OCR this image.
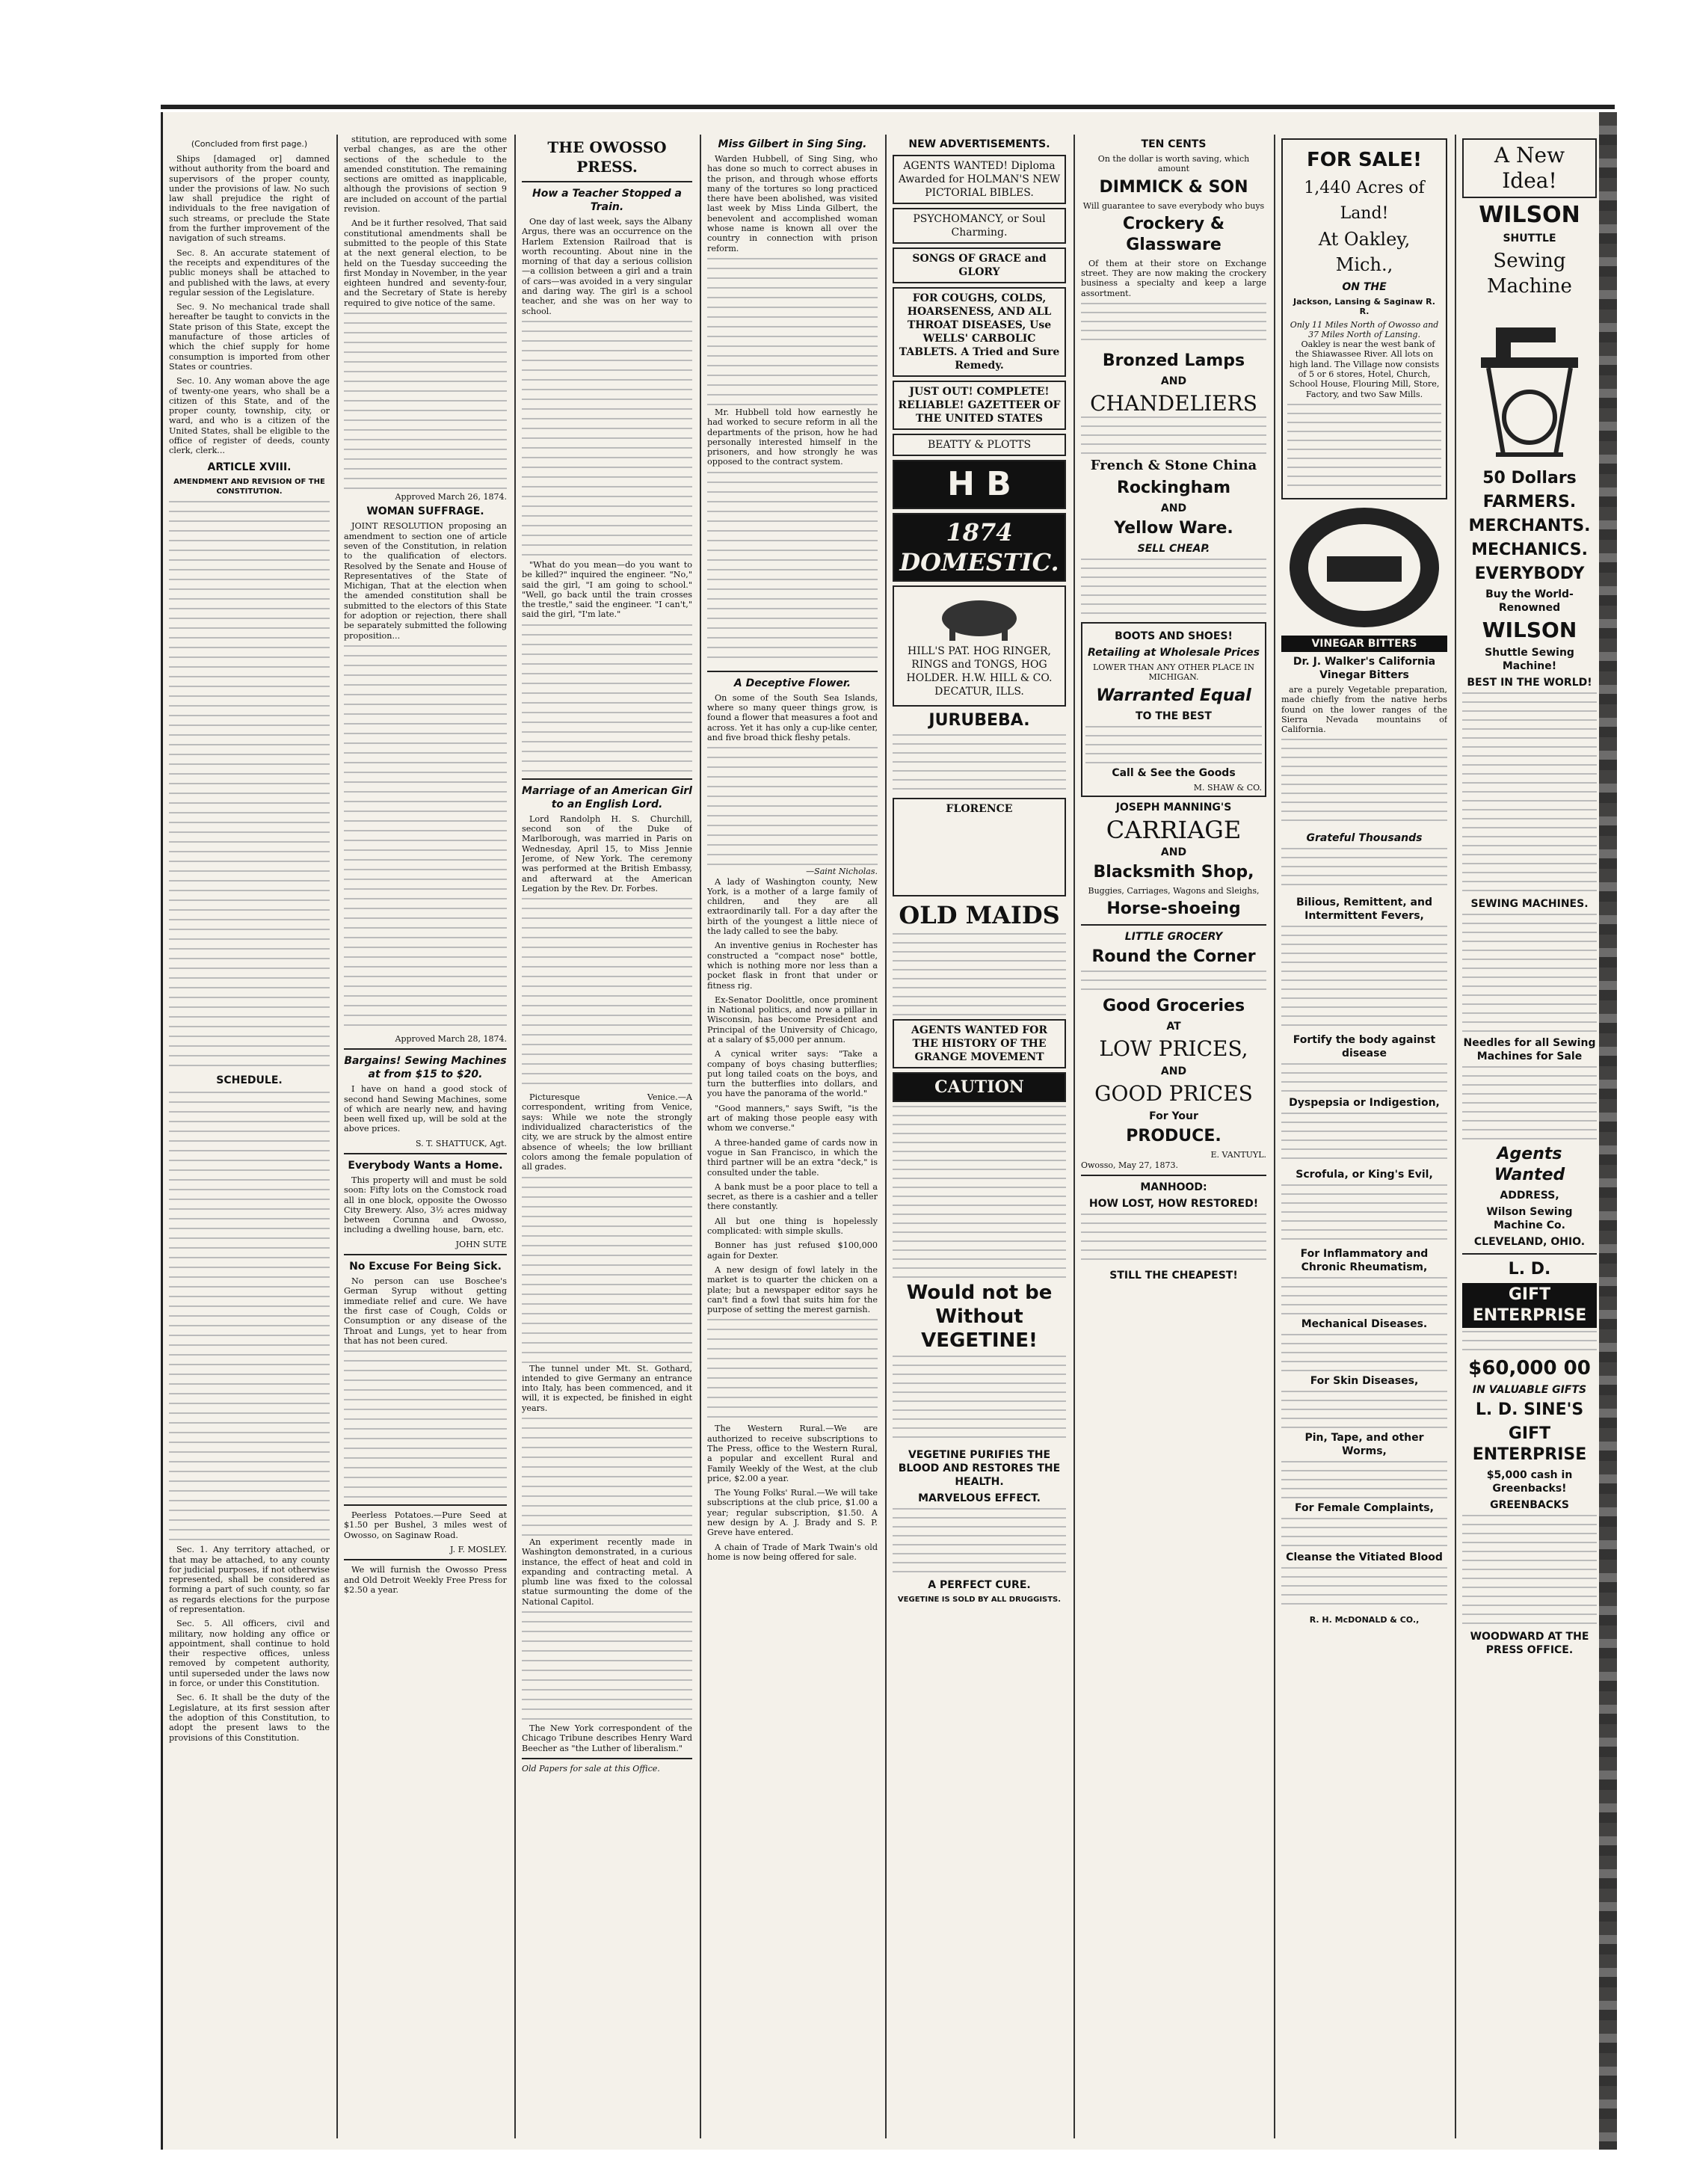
(Concluded from first page.)

Ships [damaged or] damned without authority from the board and supervisors of the proper county, under the provisions of law. No such law shall prejudice the right of individuals to the free navigation of such streams, or preclude the State from the further improvement of the navigation of such streams.

Sec. 8. An accurate statement of the receipts and expenditures of the public moneys shall be attached to and published with the laws, at every regular session of the Legislature.

Sec. 9. No mechanical trade shall hereafter be taught to convicts in the State prison of this State, except the manufacture of those articles of which the chief supply for home consumption is imported from other States or countries.

Sec. 10. Any woman above the age of twenty-one years, who shall be a citizen of this State, and of the proper county, township, city, or ward, and who is a citizen of the United States, shall be eligible to the office of register of deeds, county clerk, clerk...

ARTICLE XVIII.
AMENDMENT AND REVISION OF THE CONSTITUTION.
SCHEDULE.

Sec. 1. Any territory attached, or that may be attached, to any county for judicial purposes, if not otherwise represented, shall be considered as forming a part of such county, so far as regards elections for the purpose of representation.

Sec. 5. All officers, civil and military, now holding any office or appointment, shall continue to hold their respective offices, unless removed by competent authority, until superseded under the laws now in force, or under this Constitution.

Sec. 6. It shall be the duty of the Legislature, at its first session after the adoption of this Constitution, to adopt the present laws to the provisions of this Constitution.

stitution, are reproduced with some verbal changes, as are the other sections of the schedule to the amended constitution. The remaining sections are omitted as inapplicable, although the provisions of section 9 are included on account of the partial revision.

And be it further resolved, That said constitutional amendments shall be submitted to the people of this State at the next general election, to be held on the Tuesday succeeding the first Monday in November, in the year eighteen hundred and seventy-four, and the Secretary of State is hereby required to give notice of the same.

Approved March 26, 1874.
WOMAN SUFFRAGE.

JOINT RESOLUTION proposing an amendment to section one of article seven of the Constitution, in relation to the qualification of electors. Resolved by the Senate and House of Representatives of the State of Michigan, That at the election when the amended constitution shall be submitted to the electors of this State for adoption or rejection, there shall be separately submitted the following proposition...

Approved March 28, 1874.
Bargains! Sewing Machines at from $15 to $20.

I have on hand a good stock of second hand Sewing Machines, some of which are nearly new, and having been well fixed up, will be sold at the above prices.

S. T. SHATTUCK, Agt.
Everybody Wants a Home.

This property will and must be sold soon: Fifty lots on the Comstock road all in one block, opposite the Owosso City Brewery. Also, 3½ acres midway between Corunna and Owosso, including a dwelling house, barn, etc.

JOHN SUTE
No Excuse For Being Sick.

No person can use Boschee's German Syrup without getting immediate relief and cure. We have the first case of Cough, Colds or Consumption or any disease of the Throat and Lungs, yet to hear from that has not been cured.

Peerless Potatoes.—Pure Seed at $1.50 per Bushel, 3 miles west of Owosso, on Saginaw Road.

J. F. MOSLEY.

We will furnish the Owosso Press and Old Detroit Weekly Free Press for $2.50 a year.

THE OWOSSO PRESS.
How a Teacher Stopped a Train.

One day of last week, says the Albany Argus, there was an occurrence on the Harlem Extension Railroad that is worth recounting. About nine in the morning of that day a serious collision—a collision between a girl and a train of cars—was avoided in a very singular and daring way. The girl is a school teacher, and she was on her way to school.

"What do you mean—do you want to be killed?" inquired the engineer. "No," said the girl, "I am going to school." "Well, go back until the train crosses the trestle," said the engineer. "I can't," said the girl, "I'm late."

Marriage of an American Girl to an English Lord.

Lord Randolph H. S. Churchill, second son of the Duke of Marlborough, was married in Paris on Wednesday, April 15, to Miss Jennie Jerome, of New York. The ceremony was performed at the British Embassy, and afterward at the American Legation by the Rev. Dr. Forbes.

Picturesque Venice.—A correspondent, writing from Venice, says: While we note the strongly individualized characteristics of the city, we are struck by the almost entire absence of wheels; the low brilliant colors among the female population of all grades.

The tunnel under Mt. St. Gothard, intended to give Germany an entrance into Italy, has been commenced, and it will, it is expected, be finished in eight years.

An experiment recently made in Washington demonstrated, in a curious instance, the effect of heat and cold in expanding and contracting metal. A plumb line was fixed to the colossal statue surmounting the dome of the National Capitol.

The New York correspondent of the Chicago Tribune describes Henry Ward Beecher as "the Luther of liberalism."

Old Papers for sale at this Office.
Miss Gilbert in Sing Sing.

Warden Hubbell, of Sing Sing, who has done so much to correct abuses in the prison, and through whose efforts many of the tortures so long practiced there have been abolished, was visited last week by Miss Linda Gilbert, the benevolent and accomplished woman whose name is known all over the country in connection with prison reform.

Mr. Hubbell told how earnestly he had worked to secure reform in all the departments of the prison, how he had personally interested himself in the prisoners, and how strongly he was opposed to the contract system.

A Deceptive Flower.

On some of the South Sea Islands, where so many queer things grow, is found a flower that measures a foot and across. Yet it has only a cup-like center, and five broad thick fleshy petals.

—Saint Nicholas.

A lady of Washington county, New York, is a mother of a large family of children, and they are all extraordinarily tall. For a day after the birth of the youngest a little niece of the lady called to see the baby.

An inventive genius in Rochester has constructed a "compact nose" bottle, which is nothing more nor less than a pocket flask in front that under or fitness rig.

Ex-Senator Doolittle, once prominent in National politics, and now a pillar in Wisconsin, has become President and Principal of the University of Chicago, at a salary of $5,000 per annum.

A cynical writer says: "Take a company of boys chasing butterflies; put long tailed coats on the boys, and turn the butterflies into dollars, and you have the panorama of the world."

"Good manners," says Swift, "is the art of making those people easy with whom we converse."

A three-handed game of cards now in vogue in San Francisco, in which the third partner will be an extra "deck," is consulted under the table.

A bank must be a poor place to tell a secret, as there is a cashier and a teller there constantly.

All but one thing is hopelessly complicated: with simple skulls.

Bonner has just refused $100,000 again for Dexter.

A new design of fowl lately in the market is to quarter the chicken on a plate; but a newspaper editor says he can't find a fowl that suits him for the purpose of setting the merest garnish.

The Western Rural.—We are authorized to receive subscriptions to The Press, office to the Western Rural, a popular and excellent Rural and Family Weekly of the West, at the club price, $2.00 a year.

The Young Folks' Rural.—We will take subscriptions at the club price, $1.00 a year; regular subscription, $1.50. A new design by A. J. Brady and S. P. Greve have entered.

A chain of Trade of Mark Twain's old home is now being offered for sale.

NEW ADVERTISEMENTS.
AGENTS WANTED! Diploma Awarded for HOLMAN'S NEW PICTORIAL BIBLES.
PSYCHOMANCY, or Soul Charming.
SONGS OF GRACE and GLORY
FOR COUGHS, COLDS, HOARSENESS, AND ALL THROAT DISEASES, Use WELLS' CARBOLIC TABLETS. A Tried and Sure Remedy.
JUST OUT! COMPLETE! RELIABLE! GAZETTEER OF THE UNITED STATES
BEATTY & PLOTTS
H B
1874 DOMESTIC.
HILL'S PAT. HOG RINGER, RINGS and TONGS, HOG HOLDER. H.W. HILL & CO. DECATUR, ILLS.
JURUBEBA.
FLORENCE
OLD MAIDS
AGENTS WANTED FOR THE HISTORY OF THE GRANGE MOVEMENT
CAUTION
Would not be Without VEGETINE!
VEGETINE PURIFIES THE BLOOD AND RESTORES THE HEALTH.
MARVELOUS EFFECT.
A PERFECT CURE.
VEGETINE IS SOLD BY ALL DRUGGISTS.
TEN CENTS
On the dollar is worth saving, which amount
DIMMICK & SON
Will guarantee to save everybody who buys
Crockery & Glassware

Of them at their store on Exchange street. They are now making the crockery business a specialty and keep a large assortment.

Bronzed Lamps
AND
CHANDELIERS
French & Stone China
Rockingham
AND
Yellow Ware.
SELL CHEAP.
BOOTS AND SHOES!
Retailing at Wholesale Prices
LOWER THAN ANY OTHER PLACE IN MICHIGAN.
Warranted Equal
TO THE BEST
Call & See the Goods
M. SHAW & CO.
JOSEPH MANNING'S
CARRIAGE
AND
Blacksmith Shop,
Buggies, Carriages, Wagons and Sleighs,
Horse-shoeing
LITTLE GROCERY
Round the Corner
Good Groceries
AT
LOW PRICES,
AND
GOOD PRICES
For Your
PRODUCE.
E. VANTUYL.
Owosso, May 27, 1873.
MANHOOD:
HOW LOST, HOW RESTORED!
STILL THE CHEAPEST!
FOR SALE!
1,440 Acres of Land!
At Oakley, Mich.,
ON THE
Jackson, Lansing & Saginaw R. R.
Only 11 Miles North of Owosso and 37 Miles North of Lansing.

Oakley is near the west bank of the Shiawassee River. All lots on high land. The Village now consists of 5 or 6 stores, Hotel, Church, School House, Flouring Mill, Store, Factory, and two Saw Mills.

VINEGAR BITTERS
Dr. J. Walker's California Vinegar Bitters

are a purely Vegetable preparation, made chiefly from the native herbs found on the lower ranges of the Sierra Nevada mountains of California.

Grateful Thousands
Bilious, Remittent, and Intermittent Fevers,
Fortify the body against disease
Dyspepsia or Indigestion,
Scrofula, or King's Evil,
For Inflammatory and Chronic Rheumatism,
Mechanical Diseases.
For Skin Diseases,
Pin, Tape, and other Worms,
For Female Complaints,
Cleanse the Vitiated Blood
R. H. McDONALD & CO.,
A New Idea!
WILSON
SHUTTLE
Sewing Machine
50 Dollars
FARMERS.
MERCHANTS.
MECHANICS.
EVERYBODY
Buy the World-Renowned
WILSON
Shuttle Sewing Machine!
BEST IN THE WORLD!
SEWING MACHINES.
Needles for all Sewing Machines for Sale
Agents Wanted
ADDRESS,
Wilson Sewing Machine Co.
CLEVELAND, OHIO.
L. D.
GIFT ENTERPRISE
$60,000 00
IN VALUABLE GIFTS
L. D. SINE'S
GIFT ENTERPRISE
$5,000 cash in Greenbacks!
GREENBACKS
WOODWARD AT THE PRESS OFFICE.
